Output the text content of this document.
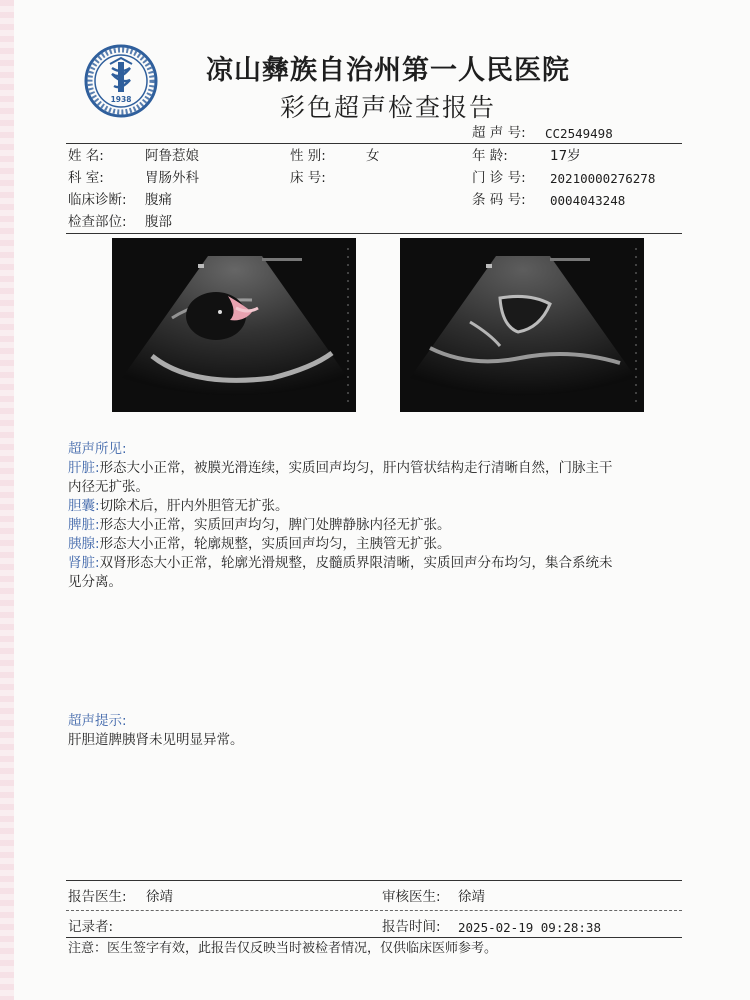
1938
凉山彝族自治州第一人民医院
彩色超声检查报告
超 声 号: CC2549498
姓 名:	阿鲁惹娘	性 别:	女	年 龄:	17岁
科 室:	胃肠外科	床 号:	门 诊 号: 20210000276278
临床诊断: 腹痛	条 码 号: 0004043248
检查部位: 腹部
超声所见:
肝脏:形态大小正常，被膜光滑连续，实质回声均匀，肝内管状结构走行清晰自然，门脉主干
内径无扩张。
胆囊:切除术后，肝内外胆管无扩张。
脾脏:形态大小正常，实质回声均匀，脾门处脾静脉内径无扩张。
胰腺:形态大小正常，轮廓规整，实质回声均匀，主胰管无扩张。
肾脏:双肾形态大小正常，轮廓光滑规整，皮髓质界限清晰，实质回声分布均匀，集合系统未
见分离。
超声提示:
肝胆道脾胰肾未见明显异常。
报告医生: 徐靖	审核医生: 徐靖
记录者:	报告时间: 2025-02-19 09:28:38
注意：医生签字有效，此报告仅反映当时被检者情况，仅供临床医师参考。
